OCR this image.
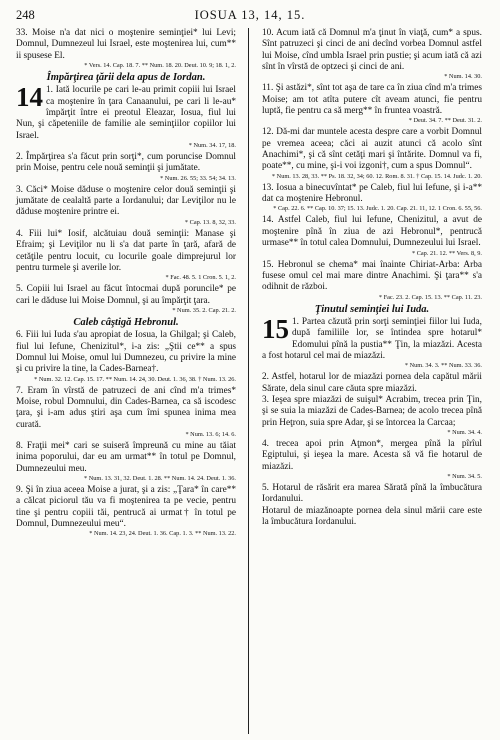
248	IOSUA 13, 14, 15.

33. Moise n'a dat nici o moştenire seminţiei* lui Levi; Domnul, Dumnezeul lui Israel, este moştenirea lui, cum** ii spusese El.

* Vers. 14. Cap. 18. 7. ** Num. 18. 20. Deut. 10. 9; 18. 1, 2.

Împărţirea ţării dela apus de Iordan.

14 1. Iată locurile pe cari le-au primit copiii lui Israel ca moştenire în ţara Canaanului, pe cari li le-au* împărţit între ei preotul Eleazar, Iosua, fiul lui Nun, şi căpeteniile de familie ale seminţiilor copiilor lui Israel.

* Num. 34. 17, 18.

2. Împărţirea s'a făcut prin sorţi*, cum poruncise Domnul prin Moise, pentru cele nouă seminţii şi jumătate.

* Num. 26. 55; 33. 54; 34. 13.

3. Căci* Moise dăduse o moştenire celor două seminţii şi jumătate de cealaltă parte a Iordanului; dar Leviţilor nu le dăduse moştenire printre ei.

* Cap. 13. 8, 32, 33.

4. Fiii lui* Iosif, alcătuiau două seminţii: Manase şi Efraim; şi Leviţilor nu li s'a dat parte în ţară, afară de cetăţile pentru locuit, cu locurile goale dimprejurul lor pentru turmele şi averile lor.

* Fac. 48. 5. 1 Cron. 5. 1, 2.

5. Copiii lui Israel au făcut întocmai după poruncile* pe cari le dăduse lui Moise Domnul, şi au împărţit ţara.

* Num. 35. 2. Cap. 21. 2.

Caleb câştigă Hebronul.

6. Fiii lui Iuda s'au apropiat de Iosua, la Ghilgal; şi Caleb, fiul lui Iefune, Chenizitul*, i-a zis: „Ştii ce** a spus Domnul lui Moise, omul lui Dumnezeu, cu privire la mine şi cu privire la tine, la Cades-Barnea†.

* Num. 32. 12. Cap. 15. 17. ** Num. 14. 24, 30. Deut. 1. 36, 38. † Num. 13. 26.

7. Eram în vîrstă de patruzeci de ani cînd m'a trimes* Moise, robul Domnului, din Cades-Barnea, ca să iscodesc ţara, şi i-am adus ştiri aşa cum îmi spunea inima mea curată.

* Num. 13. 6; 14. 6.

8. Fraţii mei* cari se suiseră împreună cu mine au tăiat inima poporului, dar eu am urmat** în totul pe Domnul, Dumnezeului meu.

* Num. 13. 31, 32. Deut. 1. 28. ** Num. 14. 24. Deut. 1. 36.

9. Şi în ziua aceea Moise a jurat, şi a zis: „Ţara* în care** a călcat piciorul tău va fi moştenirea ta pe vecie, pentru tine şi pentru copiii tăi, pentrucă ai urmat† în totul pe Domnul, Dumnezeului meu“.

* Num. 14. 23, 24. Deut. 1. 36. Cap. 1. 3. ** Num. 13. 22.

10. Acum iată că Domnul m'a ţinut în viaţă, cum* a spus. Sînt patruzeci şi cinci de ani decînd vorbea Domnul astfel lui Moise, cînd umbla Israel prin pustie; şi acum iată că azi sînt în vîrstă de optzeci şi cinci de ani.

* Num. 14. 30.

11. Şi astăzi*, sînt tot aşa de tare ca în ziua cînd m'a trimes Moise; am tot atîta putere cît aveam atunci, fie pentru luptă, fie pentru ca să merg** în fruntea voastră.

* Deut. 34. 7. ** Deut. 31. 2.

12. Dă-mi dar muntele acesta despre care a vorbit Domnul pe vremea aceea; căci ai auzit atunci că acolo sînt Anachimi*, şi că sînt cetăţi mari şi întărite. Domnul va fi, poate**, cu mine, şi-i voi izgoni†, cum a spus Domnul“.

* Num. 13. 28, 33. ** Ps. 18. 32, 34; 60. 12. Rom. 8. 31. † Cap. 15. 14. Judc. 1. 20.

13. Iosua a binecuvîntat* pe Caleb, fiul lui Iefune, şi i-a** dat ca moştenire Hebronul.

* Cap. 22. 6. ** Cap. 10. 37; 15. 13. Judc. 1. 20. Cap. 21. 11, 12. 1 Cron. 6. 55, 56.

14. Astfel Caleb, fiul lui Iefune, Chenizitul, a avut de moştenire pînă în ziua de azi Hebronul*, pentrucă urmase** în totul calea Domnului, Dumnezeului lui Israel.

* Cap. 21. 12. ** Vers. 8, 9.

15. Hebronul se chema* mai înainte Chiriat-Arba: Arba fusese omul cel mai mare dintre Anachimi. Şi ţara** s'a odihnit de război.

* Fac. 23. 2. Cap. 15. 13. ** Cap. 11. 23.

Ţinutul seminţiei lui Iuda.

15 1. Partea căzută prin sorţi seminţiei fiilor lui Iuda, după familiile lor, se întindea spre hotarul* Edomului pînă la pustia** Ţin, la miazăzi. Acesta a fost hotarul cel mai de miazăzi.

* Num. 34. 3. ** Num. 33. 36.

2. Astfel, hotarul lor de miazăzi pornea dela capătul mării Sărate, dela sinul care căuta spre miazăzi.

3. Ieşea spre miazăzi de suişul* Acrabim, trecea prin Ţin, şi se suia la miazăzi de Cades-Barnea; de acolo trecea pînă prin Heţron, suia spre Adar, şi se întorcea la Carcaa;

* Num. 34. 4.

4. trecea apoi prin Aţmon*, mergea pînă la pîrîul Egiptului, şi ieşea la mare. Acesta să vă fie hotarul de miazăzi.

* Num. 34. 5.

5. Hotarul de răsărit era marea Sărată pînă la îmbucătura Iordanului.

Hotarul de miazănoapte pornea dela sinul mării care este la îmbucătura Iordanului.
